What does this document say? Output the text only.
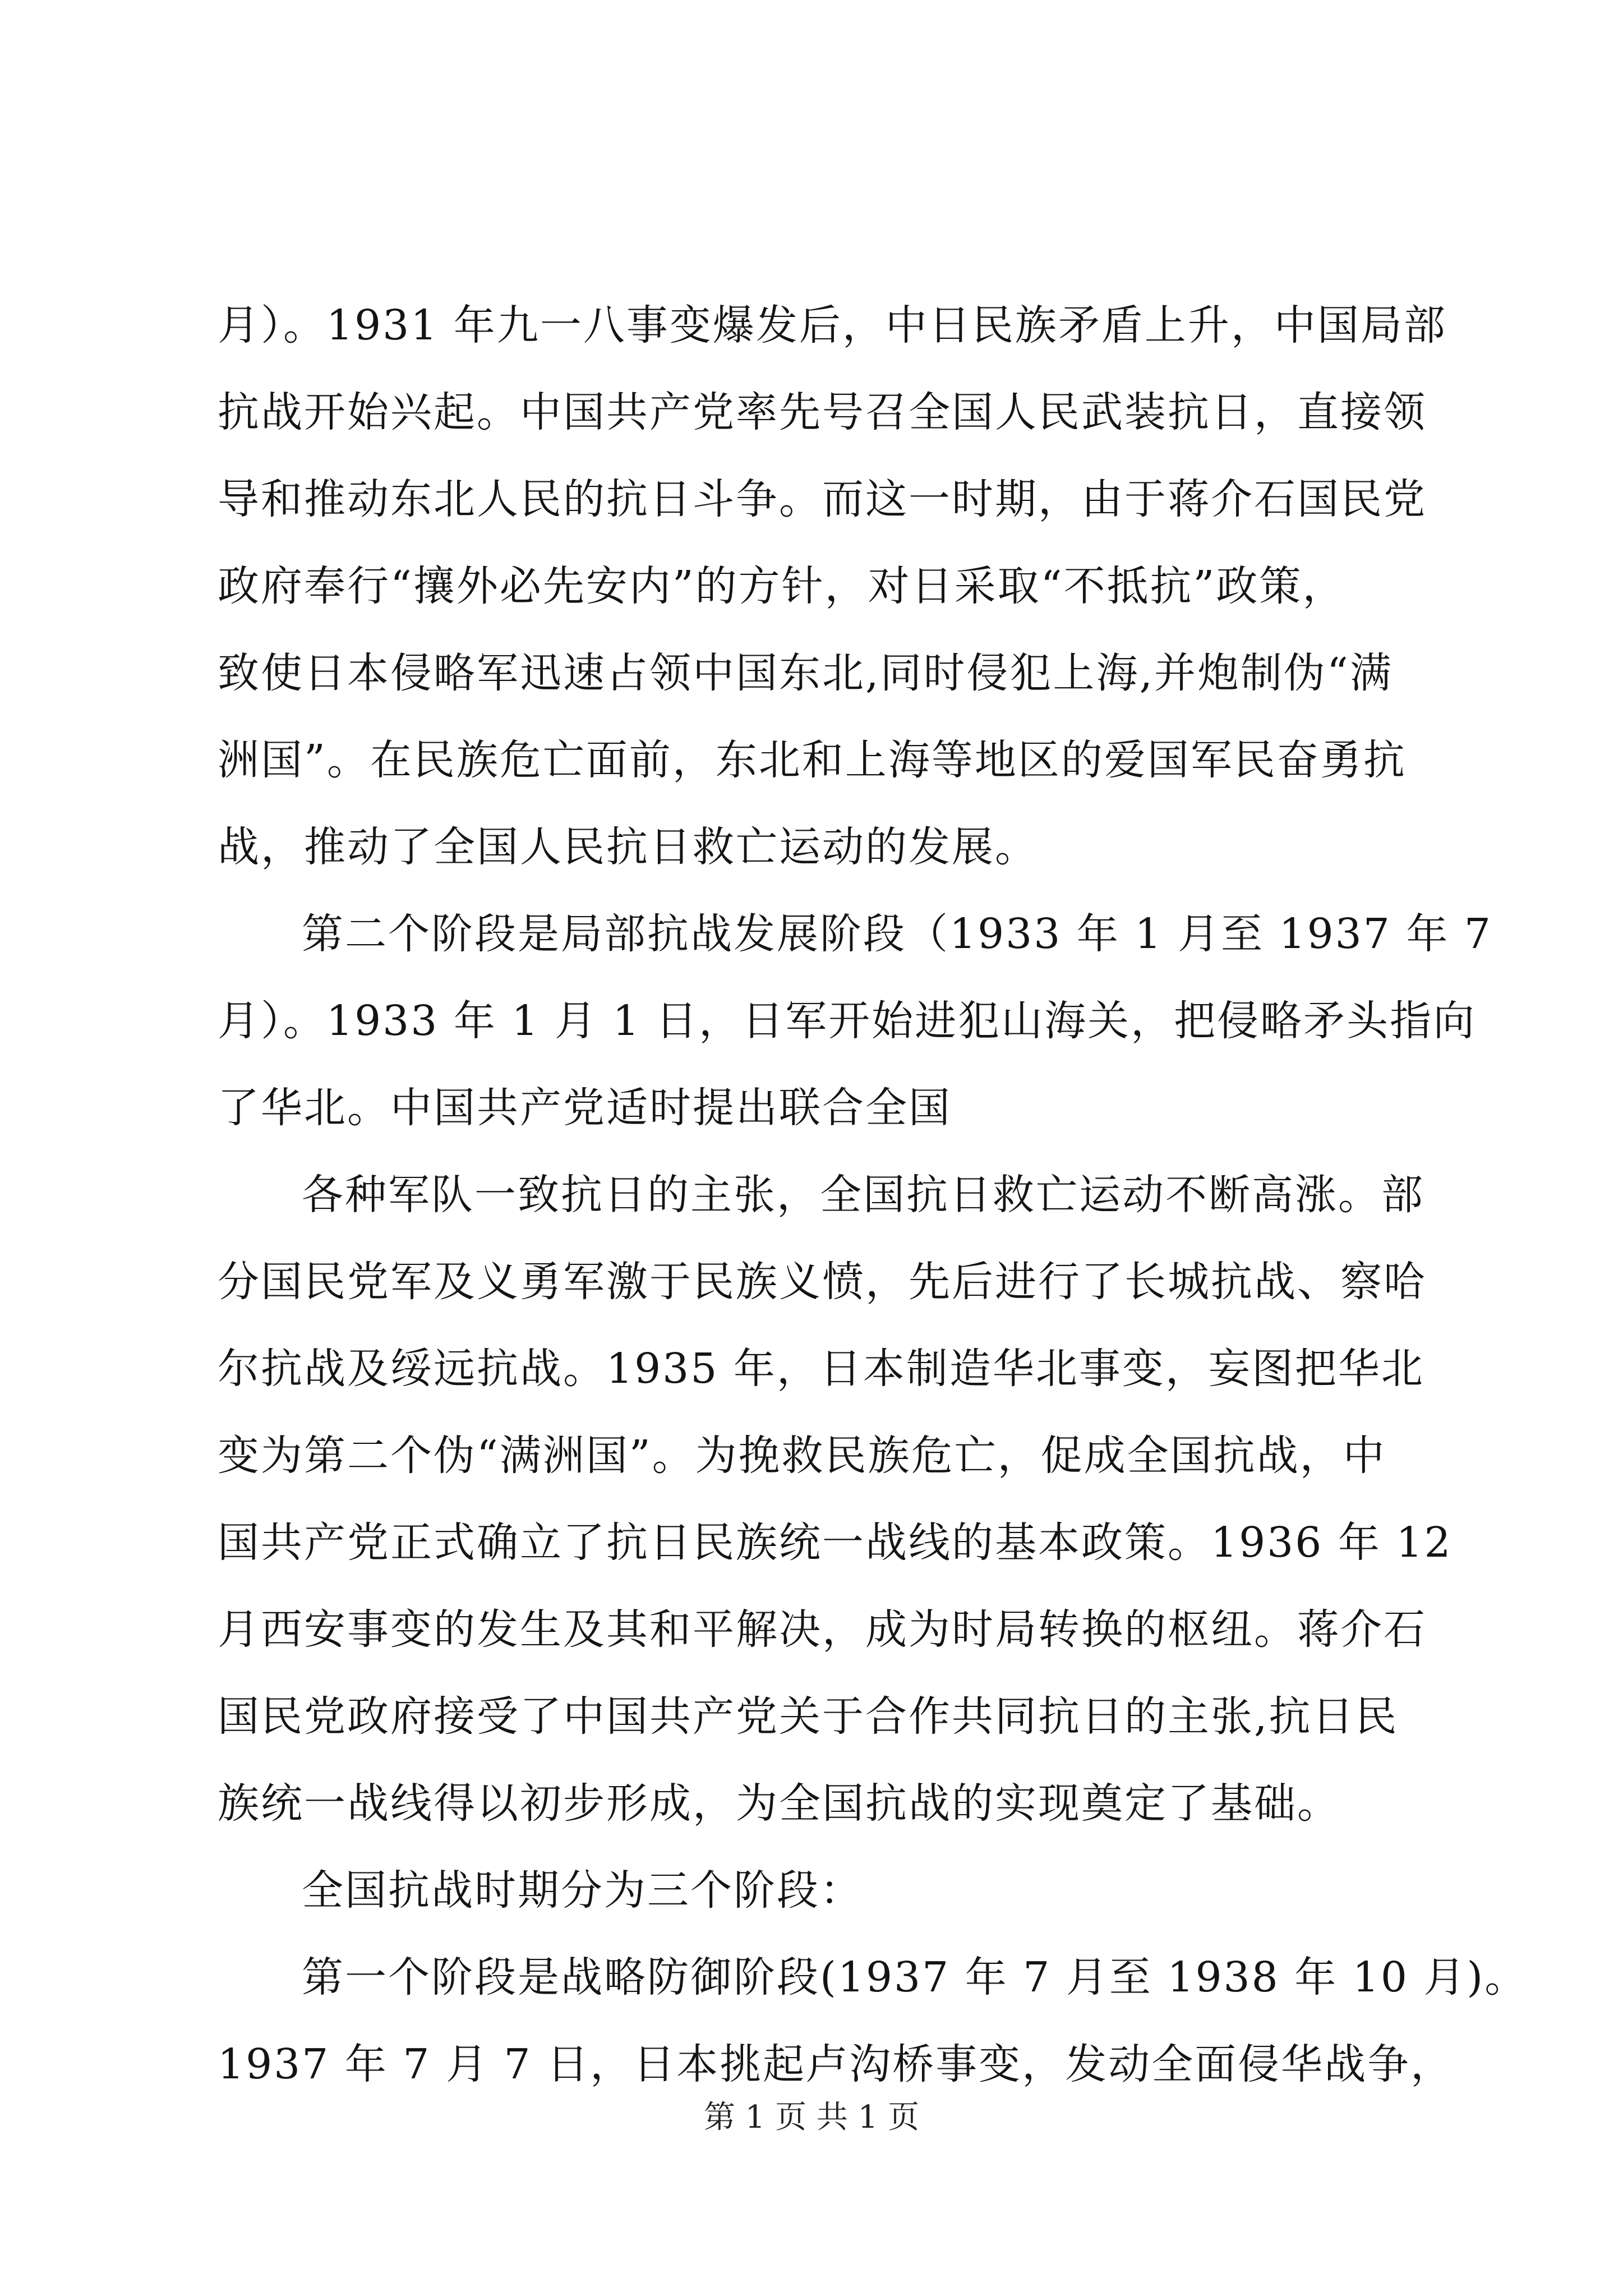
月）。1931 年九一八事变爆发后，中日民族矛盾上升，中国局部
抗战开始兴起。中国共产党率先号召全国人民武装抗日，直接领
导和推动东北人民的抗日斗争。而这一时期，由于蒋介石国民党
政府奉行“攘外必先安内”的方针，对日采取“不抵抗”政策，
致使日本侵略军迅速占领中国东北,同时侵犯上海,并炮制伪“满
洲国”。在民族危亡面前，东北和上海等地区的爱国军民奋勇抗
战，推动了全国人民抗日救亡运动的发展。
第二个阶段是局部抗战发展阶段（1933 年 1 月至 1937 年 7
月）。1933 年 1 月 1 日，日军开始进犯山海关，把侵略矛头指向
了华北。中国共产党适时提出联合全国
各种军队一致抗日的主张，全国抗日救亡运动不断高涨。部
分国民党军及义勇军激于民族义愤，先后进行了长城抗战、察哈
尔抗战及绥远抗战。1935 年，日本制造华北事变，妄图把华北
变为第二个伪“满洲国”。为挽救民族危亡，促成全国抗战，中
国共产党正式确立了抗日民族统一战线的基本政策。1936 年 12
月西安事变的发生及其和平解决，成为时局转换的枢纽。蒋介石
国民党政府接受了中国共产党关于合作共同抗日的主张,抗日民
族统一战线得以初步形成，为全国抗战的实现奠定了基础。
全国抗战时期分为三个阶段：
第一个阶段是战略防御阶段(1937 年 7 月至 1938 年 10 月)。
1937 年 7 月 7 日，日本挑起卢沟桥事变，发动全面侵华战争，
第 1 页 共 1 页
